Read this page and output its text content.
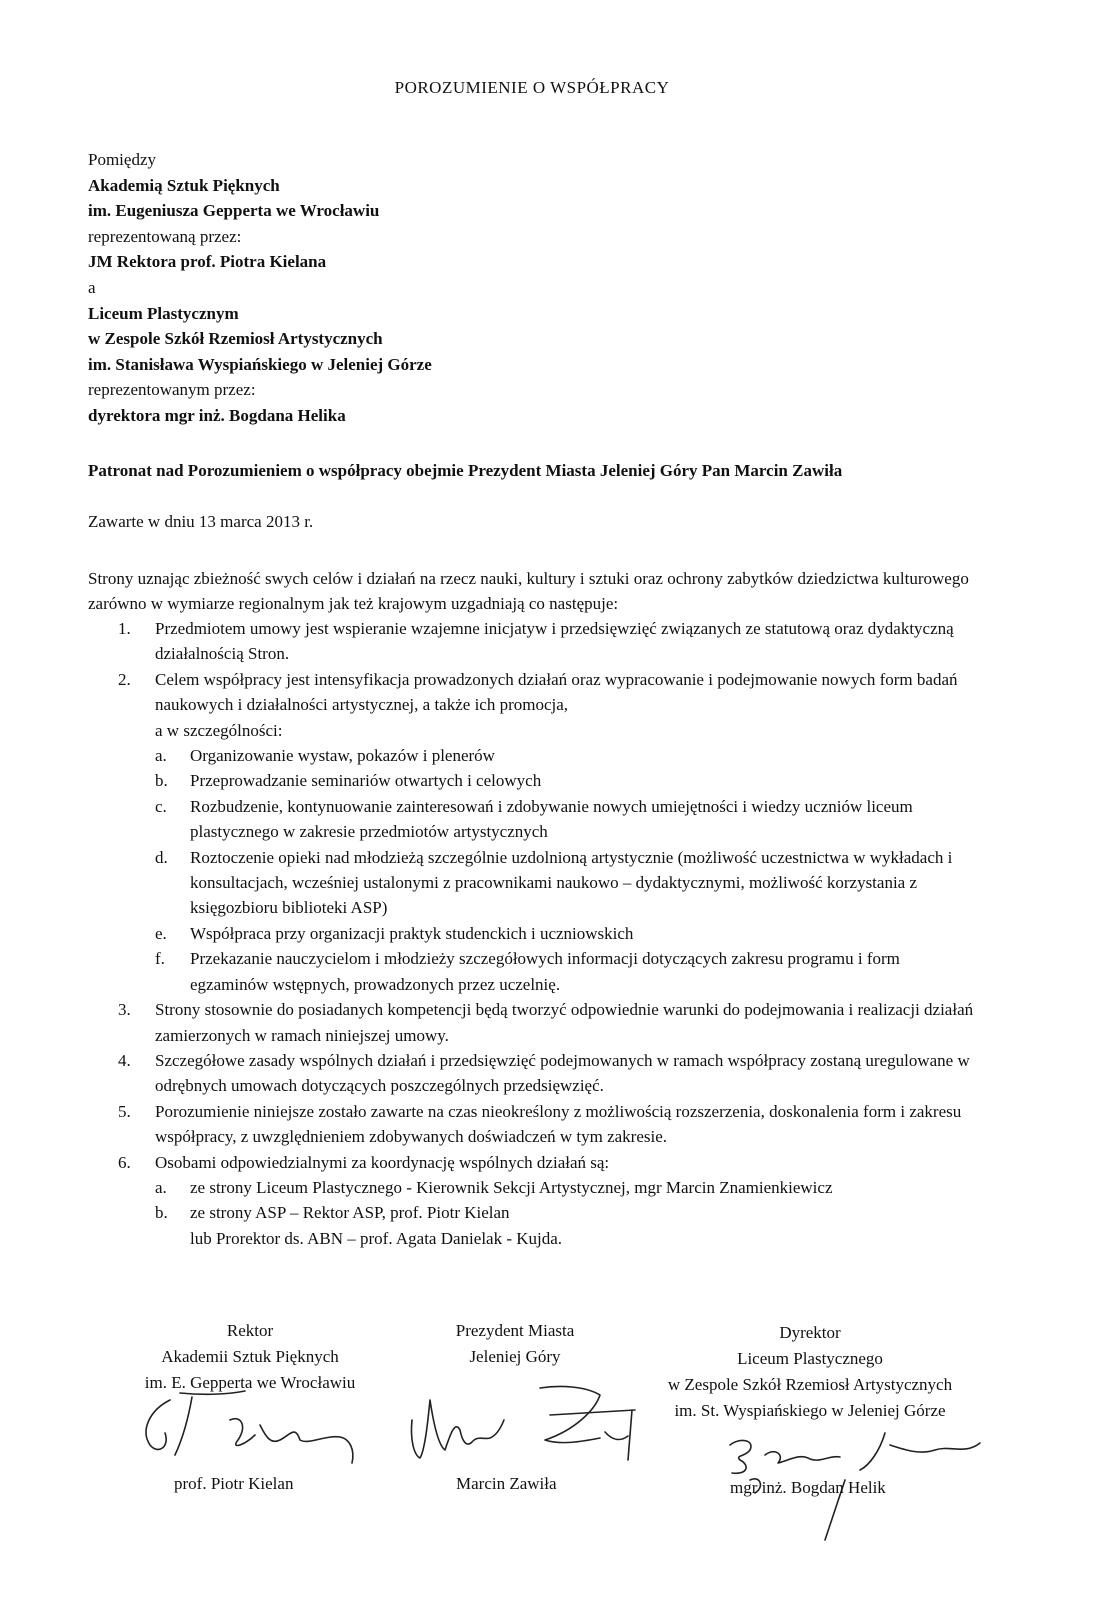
POROZUMIENIE O WSPÓŁPRACY
Pomiędzy
Akademią Sztuk Pięknych
im. Eugeniusza Gepperta we Wrocławiu
reprezentowaną przez:
JM Rektora prof. Piotra Kielana
a
Liceum Plastycznym
w Zespole Szkół Rzemiosł Artystycznych
im. Stanisława Wyspiańskiego w Jeleniej Górze
reprezentowanym przez:
dyrektora mgr inż. Bogdana Helika
Patronat nad Porozumieniem o współpracy obejmie Prezydent Miasta Jeleniej Góry Pan Marcin Zawiła
Zawarte w dniu 13 marca 2013 r.
Strony uznając zbieżność swych celów i działań na rzecz nauki, kultury i sztuki oraz ochrony zabytków dziedzictwa kulturowego zarówno w wymiarze regionalnym jak też krajowym uzgadniają co następuje:
1. Przedmiotem umowy jest wspieranie wzajemne inicjatyw i przedsięwzięć związanych ze statutową oraz dydaktyczną działalnością Stron.
2. Celem współpracy jest intensyfikacja prowadzonych działań oraz wypracowanie i podejmowanie nowych form badań naukowych i działalności artystycznej, a także ich promocja,
a w szczególności:
a. Organizowanie wystaw, pokazów i plenerów
b. Przeprowadzanie seminariów otwartych i celowych
c. Rozbudzenie, kontynuowanie zainteresowań i zdobywanie nowych umiejętności i wiedzy uczniów liceum plastycznego w zakresie przedmiotów artystycznych
d. Roztoczenie opieki nad młodzieżą szczególnie uzdolnioną artystycznie (możliwość uczestnictwa w wykładach i konsultacjach, wcześniej ustalonymi z pracownikami naukowo – dydaktycznymi, możliwość korzystania z księgozbioru biblioteki ASP)
e. Współpraca przy organizacji praktyk studenckich i uczniowskich
f. Przekazanie nauczycielom i młodzieży szczegółowych informacji dotyczących zakresu programu i form egzaminów wstępnych, prowadzonych przez uczelnię.
3. Strony stosownie do posiadanych kompetencji będą tworzyć odpowiednie warunki do podejmowania i realizacji działań zamierzonych w ramach niniejszej umowy.
4. Szczegółowe zasady wspólnych działań i przedsięwzięć podejmowanych w ramach współpracy zostaną uregulowane w odrębnych umowach dotyczących poszczególnych przedsięwzięć.
5. Porozumienie niniejsze zostało zawarte na czas nieokreślony z możliwością rozszerzenia, doskonalenia form i zakresu współpracy, z uwzględnieniem zdobywanych doświadczeń w tym zakresie.
6. Osobami odpowiedzialnymi za koordynację wspólnych działań są:
a. ze strony Liceum Plastycznego - Kierownik Sekcji Artystycznej, mgr Marcin Znamienkiewicz
b. ze strony ASP – Rektor ASP, prof. Piotr Kielan
lub Prorektor ds. ABN – prof. Agata Danielak - Kujda.
Rektor
Akademii Sztuk Pięknych
im. E. Gepperta we Wrocławiu
prof. Piotr Kielan
Prezydent Miasta
Jeleniej Góry
Marcin Zawiła
Dyrektor
Liceum Plastycznego
w Zespole Szkół Rzemiosł Artystycznych
im. St. Wyspiańskiego w Jeleniej Górze
mgr inż. Bogdan Helik
